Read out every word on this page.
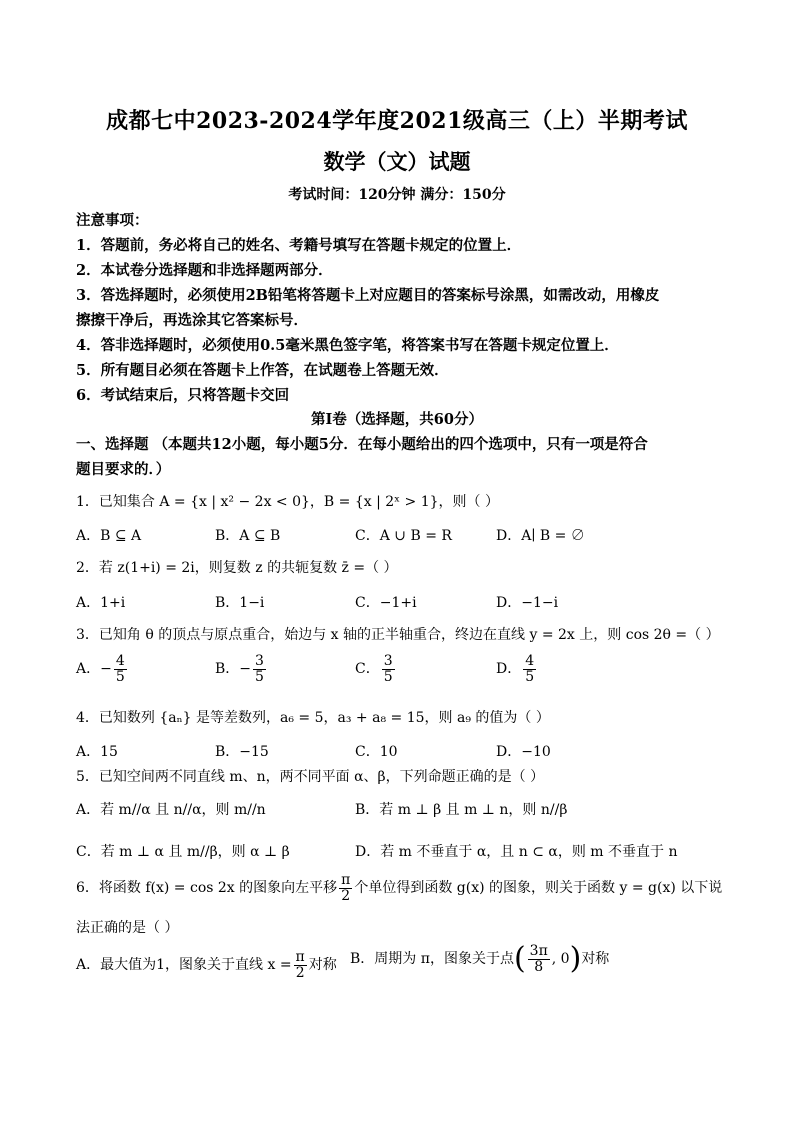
成都七中2023-2024学年度2021级高三（上）半期考试
数学（文）试题
考试时间：120分钟 满分：150分
注意事项：
1．答题前，务必将自己的姓名、考籍号填写在答题卡规定的位置上．
2．本试卷分选择题和非选择题两部分．
3．答选择题时，必须使用2B铅笔将答题卡上对应题目的答案标号涂黑，如需改动，用橡皮
擦擦干净后，再选涂其它答案标号．
4．答非选择题时，必须使用0.5毫米黑色签字笔，将答案书写在答题卡规定位置上．
5．所有题目必须在答题卡上作答，在试题卷上答题无效．
6．考试结束后，只将答题卡交回
第Ⅰ卷（选择题，共60分）
一、选择题 （本题共12小题，每小题5分．在每小题给出的四个选项中，只有一项是符合
题目要求的．）
1．已知集合 A = {x | x² − 2x < 0}，B = {x | 2ˣ > 1}，则（ ）
A．B ⊆ A	B．A ⊆ B	C．A ∪ B = R	D．A∣ B = ∅
2．若 z(1+i) = 2i，则复数 z 的共轭复数 z̄ =（ ）
A．1+i	B．1−i	C．−1+i	D．−1−i
3．已知角 θ 的顶点与原点重合，始边与 x 轴的正半轴重合，终边在直线 y = 2x 上，则 cos 2θ =（ ）
A．− $\frac{4}{5}$	B．− $\frac{3}{5}$	C． $\frac{3}{5}$	D． $\frac{4}{5}$
4．已知数列 {aₙ} 是等差数列，a₆ = 5，a₃ + a₈ = 15，则 a₉ 的值为（ ）
A．15	B．−15	C．10	D．−10
5．已知空间两不同直线 m、n，两不同平面 α、β，下列命题正确的是（ ）
A．若 m//α 且 n//α，则 m//n	B．若 m ⊥ β 且 m ⊥ n，则 n//β
C．若 m ⊥ α 且 m//β，则 α ⊥ β	D．若 m 不垂直于 α，且 n ⊂ α，则 m 不垂直于 n
6．将函数 f(x) = cos 2x 的图象向左平移 $\frac{\pi}{2}$ 个单位得到函数 g(x) 的图象，则关于函数 y = g(x) 以下说
法正确的是（ ）
A．最大值为1，图象关于直线 $x = \frac{\pi}{2}$ 对称 B．周期为 π，图象关于点( $\frac{3\pi}{8}$ , 0)对称
